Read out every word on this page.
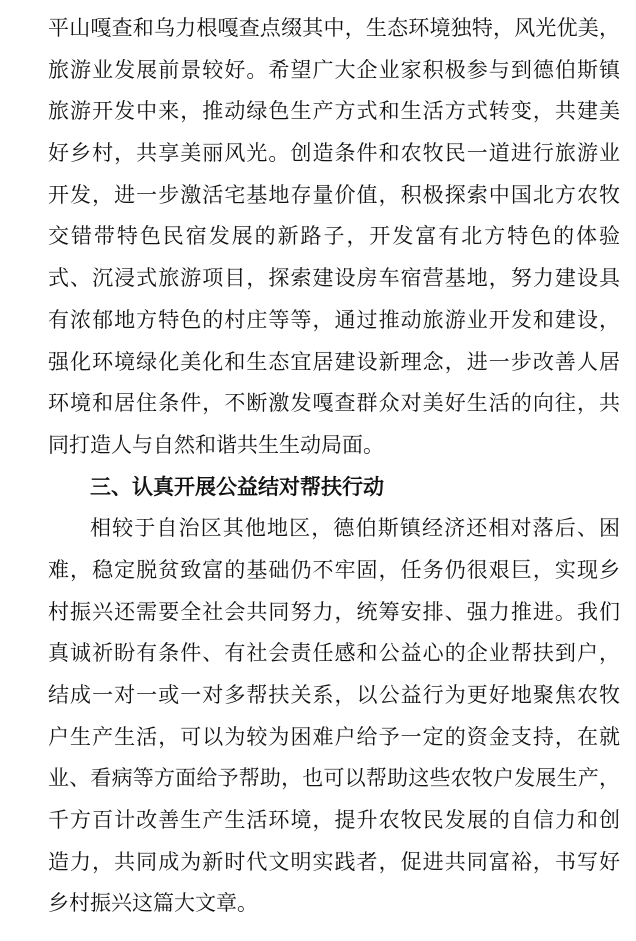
平山嘎查和乌力根嘎查点缀其中，生态环境独特，风光优美，
旅游业发展前景较好。希望广大企业家积极参与到德伯斯镇
旅游开发中来，推动绿色生产方式和生活方式转变，共建美
好乡村，共享美丽风光。创造条件和农牧民一道进行旅游业
开发，进一步激活宅基地存量价值，积极探索中国北方农牧
交错带特色民宿发展的新路子，开发富有北方特色的体验
式、沉浸式旅游项目，探索建设房车宿营基地，努力建设具
有浓郁地方特色的村庄等等，通过推动旅游业开发和建设，
强化环境绿化美化和生态宜居建设新理念，进一步改善人居
环境和居住条件，不断激发嘎查群众对美好生活的向往，共
同打造人与自然和谐共生生动局面。
三、认真开展公益结对帮扶行动
相较于自治区其他地区，德伯斯镇经济还相对落后、困
难，稳定脱贫致富的基础仍不牢固，任务仍很艰巨，实现乡
村振兴还需要全社会共同努力，统筹安排、强力推进。我们
真诚祈盼有条件、有社会责任感和公益心的企业帮扶到户，
结成一对一或一对多帮扶关系，以公益行为更好地聚焦农牧
户生产生活，可以为较为困难户给予一定的资金支持，在就
业、看病等方面给予帮助，也可以帮助这些农牧户发展生产，
千方百计改善生产生活环境，提升农牧民发展的自信力和创
造力，共同成为新时代文明实践者，促进共同富裕，书写好
乡村振兴这篇大文章。
